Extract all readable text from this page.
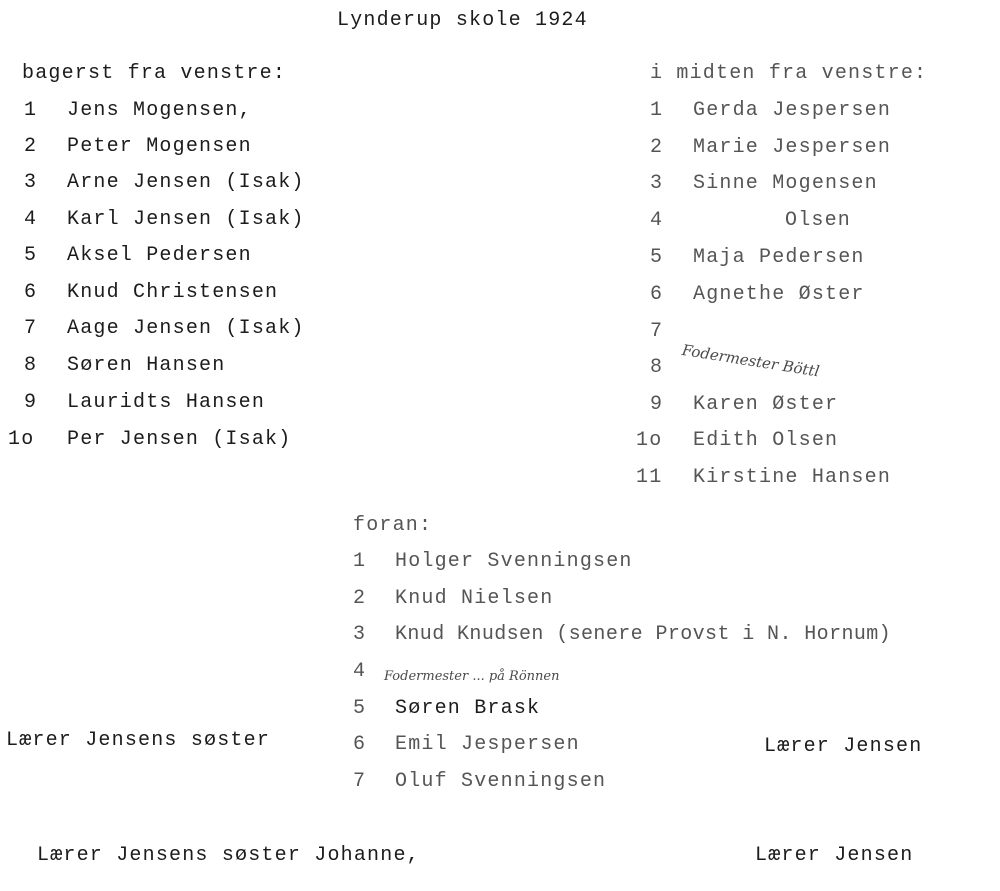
Lynderup skole 1924
bagerst fra venstre:
1 Jens Mogensen,
2 Peter Mogensen
3 Arne Jensen (Isak)
4 Karl Jensen (Isak)
5 Aksel Pedersen
6 Knud Christensen
7 Aage Jensen (Isak)
8 Søren Hansen
9 Lauridts Hansen
1o Per Jensen (Isak)
i midten fra venstre:
1 Gerda Jespersen
2 Marie Jespersen
3 Sinne Mogensen
4	Olsen
5 Maja Pedersen
6 Agnethe Øster
7
Fodermester Böttl
8
9 Karen Øster
1o Edith Olsen
11 Kirstine Hansen
foran:
1 Holger Svenningsen
2 Knud Nielsen
3 Knud Knudsen (senere Provst i N. Hornum)
4 Fodermester ... på Rönnen
5 Søren Brask
6 Emil Jespersen
7 Oluf Svenningsen
Lærer Jensens søster	Lærer Jensen
Lærer Jensens søster Johanne,	Lærer Jensen
